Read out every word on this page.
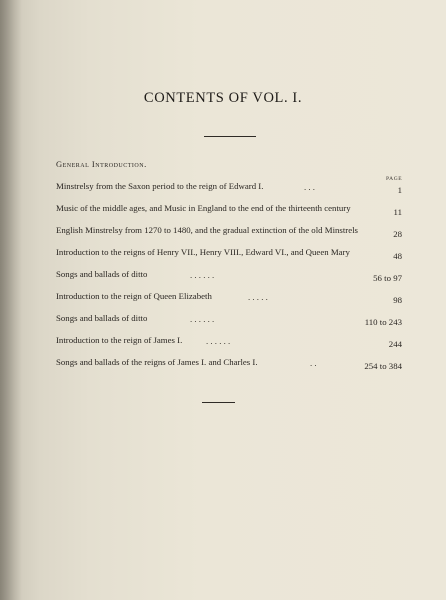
CONTENTS OF VOL. I.
General Introduction.
PAGE
Minstrelsy from the Saxon period to the reign of Edward I.	. . .	1
Music of the middle ages, and Music in England to the end of the thirteenth century	11
English Minstrelsy from 1270 to 1480, and the gradual extinction of the old Minstrels	28
Introduction to the reigns of Henry VII., Henry VIII., Edward VI., and Queen Mary	48
Songs and ballads of ditto	. . . . . .	56 to 97
Introduction to the reign of Queen Elizabeth	. . . . .	98
Songs and ballads of ditto	. . . . . .	110 to 243
Introduction to the reign of James I.	. . . . . .	244
Songs and ballads of the reigns of James I. and Charles I.	. .	254 to 384
